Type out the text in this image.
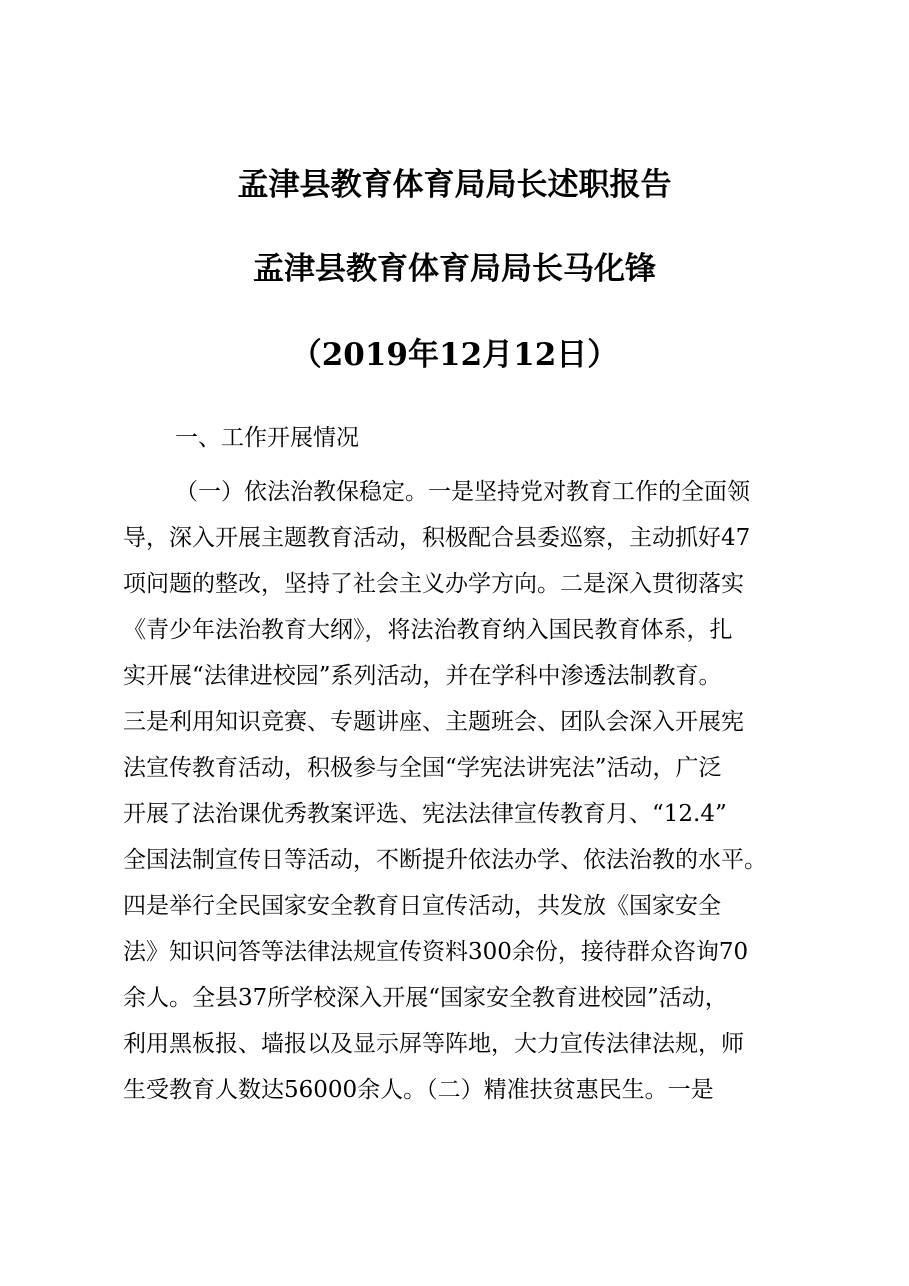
孟津县教育体育局局长述职报告
孟津县教育体育局局长马化锋
（2019年12月12日）

一、工作开展情况

（一）依法治教保稳定。一是坚持党对教育工作的全面领
导，深入开展主题教育活动，积极配合县委巡察，主动抓好47
项问题的整改，坚持了社会主义办学方向。二是深入贯彻落实
《青少年法治教育大纲》，将法治教育纳入国民教育体系，扎
实开展“法律进校园”系列活动，并在学科中渗透法制教育。
三是利用知识竞赛、专题讲座、主题班会、团队会深入开展宪
法宣传教育活动，积极参与全国“学宪法讲宪法”活动，广泛
开展了法治课优秀教案评选、宪法法律宣传教育月、“12.4”
全国法制宣传日等活动，不断提升依法办学、依法治教的水平。
四是举行全民国家安全教育日宣传活动，共发放《国家安全
法》知识问答等法律法规宣传资料300余份，接待群众咨询70
余人。全县37所学校深入开展“国家安全教育进校园”活动，
利用黑板报、墙报以及显示屏等阵地，大力宣传法律法规，师
生受教育人数达56000余人。（二）精准扶贫惠民生。一是
